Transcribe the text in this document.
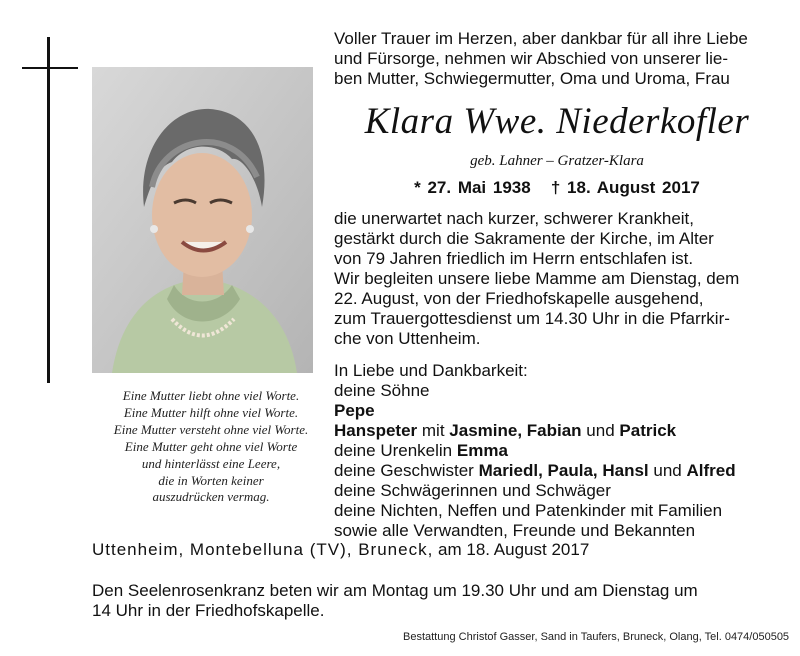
Eine Mutter liebt ohne viel Worte.
Eine Mutter hilft ohne viel Worte.
Eine Mutter versteht ohne viel Worte.
Eine Mutter geht ohne viel Worte
und hinterlässt eine Leere,
die in Worten keiner
auszudrücken vermag.
Voller Trauer im Herzen, aber dankbar für all ihre Liebe
und Fürsorge, nehmen wir Abschied von unserer lie-
ben Mutter, Schwiegermutter, Oma und Uroma, Frau
Klara Wwe. Niederkofler
geb. Lahner – Gratzer-Klara
* 27. Mai 1938 † 18. August 2017
die unerwartet nach kurzer, schwerer Krankheit,
gestärkt durch die Sakramente der Kirche, im Alter
von 79 Jahren friedlich im Herrn entschlafen ist.
Wir begleiten unsere liebe Mamme am Dienstag, dem
22. August, von der Friedhofskapelle ausgehend,
zum Trauergottesdienst um 14.30 Uhr in die Pfarrkir-
che von Uttenheim.
In Liebe und Dankbarkeit:
deine Söhne
Pepe
Hanspeter mit Jasmine, Fabian und Patrick
deine Urenkelin Emma
deine Geschwister Mariedl, Paula, Hansl und Alfred
deine Schwägerinnen und Schwäger
deine Nichten, Neffen und Patenkinder mit Familien
sowie alle Verwandten, Freunde und Bekannten
Uttenheim, Montebelluna (TV), Bruneck, am 18. August 2017
Den Seelenrosenkranz beten wir am Montag um 19.30 Uhr und am Dienstag um
14 Uhr in der Friedhofskapelle.
Bestattung Christof Gasser, Sand in Taufers, Bruneck, Olang, Tel. 0474/050505
